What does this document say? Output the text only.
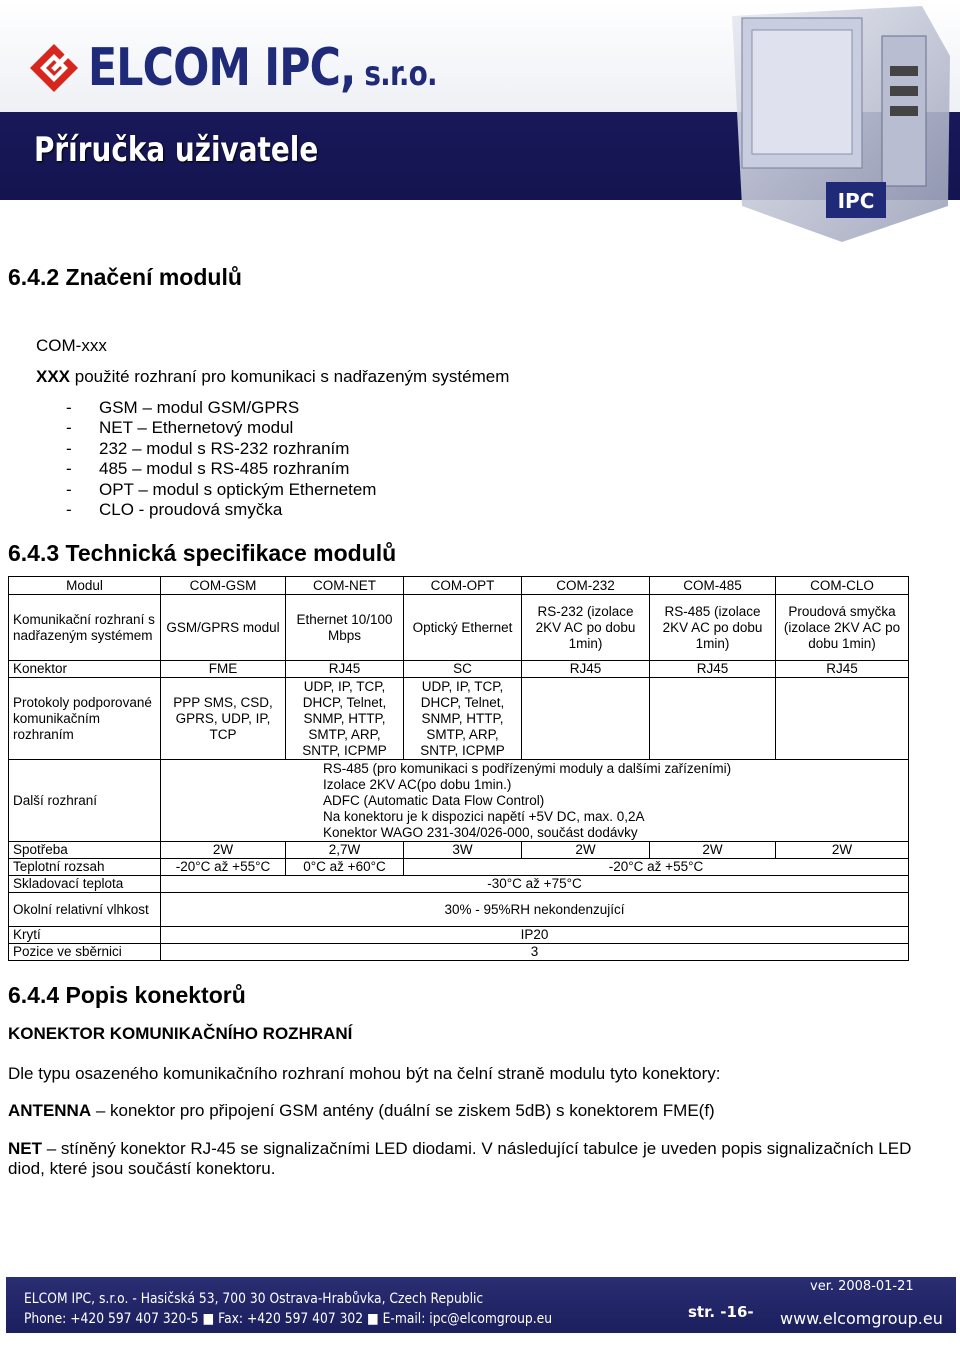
ELCOM IPC, s.r.o.
Příručka uživatele
IPC
6.4.2 Značení modulů

COM-xxx

XXX použité rozhraní pro komunikaci s nadřazeným systémem

- GSM – modul GSM/GPRS
- NET – Ethernetový modul
- 232 – modul s RS-232 rozhraním
- 485 – modul s RS-485 rozhraním
- OPT – modul s optickým Ethernetem
- CLO - proudová smyčka
6.4.3 Technická specifikace modulů
Modul	COM-GSM	COM-NET	COM-OPT	COM-232	COM-485	COM-CLO
Komunikační rozhraní s nadřazeným systémem	GSM/GPRS modul	Ethernet 10/100 Mbps	Optický Ethernet	RS-232 (izolace 2KV AC po dobu 1min)	RS-485 (izolace 2KV AC po dobu 1min)	Proudová smyčka (izolace 2KV AC po dobu 1min)
Konektor	FME	RJ45	SC	RJ45	RJ45	RJ45
Protokoly podporované komunikačním rozhraním	PPP SMS, CSD, GPRS, UDP, IP, TCP	UDP, IP, TCP, DHCP, Telnet, SNMP, HTTP, SMTP, ARP, SNTP, ICPMP	UDP, IP, TCP, DHCP, Telnet, SNMP, HTTP, SMTP, ARP, SNTP, ICPMP			
Další rozhraní	RS-485 (pro komunikaci s podřízenými moduly a dalšími zařízeními)
Izolace 2KV AC(po dobu 1min.)
ADFC (Automatic Data Flow Control)
Na konektoru je k dispozici napětí +5V DC, max. 0,2A
Konektor WAGO 231-304/026-000, součást dodávky					

Spotřeba	2W	2,7W	3W	2W	2W	2W
Teplotní rozsah	-20°C až +55°C	0°C až +60°C	-20°C až +55°C			
Skladovací teplota	-30°C až +75°C					
Okolní relativní vlhkost	30% - 95%RH nekondenzující					
Krytí	IP20					
Pozice ve sběrnici	3					
6.4.4 Popis konektorů

KONEKTOR KOMUNIKAČNÍHO ROZHRANÍ

Dle typu osazeného komunikačního rozhraní mohou být na čelní straně modulu tyto konektory:

ANTENNA – konektor pro připojení GSM antény (duální se ziskem 5dB) s konektorem FME(f)

NET – stíněný konektor RJ-45 se signalizačními LED diodami. V následující tabulce je uveden popis signalizačních LED diod, které jsou součástí konektoru.

ELCOM IPC, s.r.o. - Hasičská 53, 700 30 Ostrava-Hrabůvka, Czech Republic
Phone: +420 597 407 320-5 ■ Fax: +420 597 407 302 ■ E-mail: ipc@elcomgroup.eu
ver. 2008-01-21
str. -16- www.elcomgroup.eu
